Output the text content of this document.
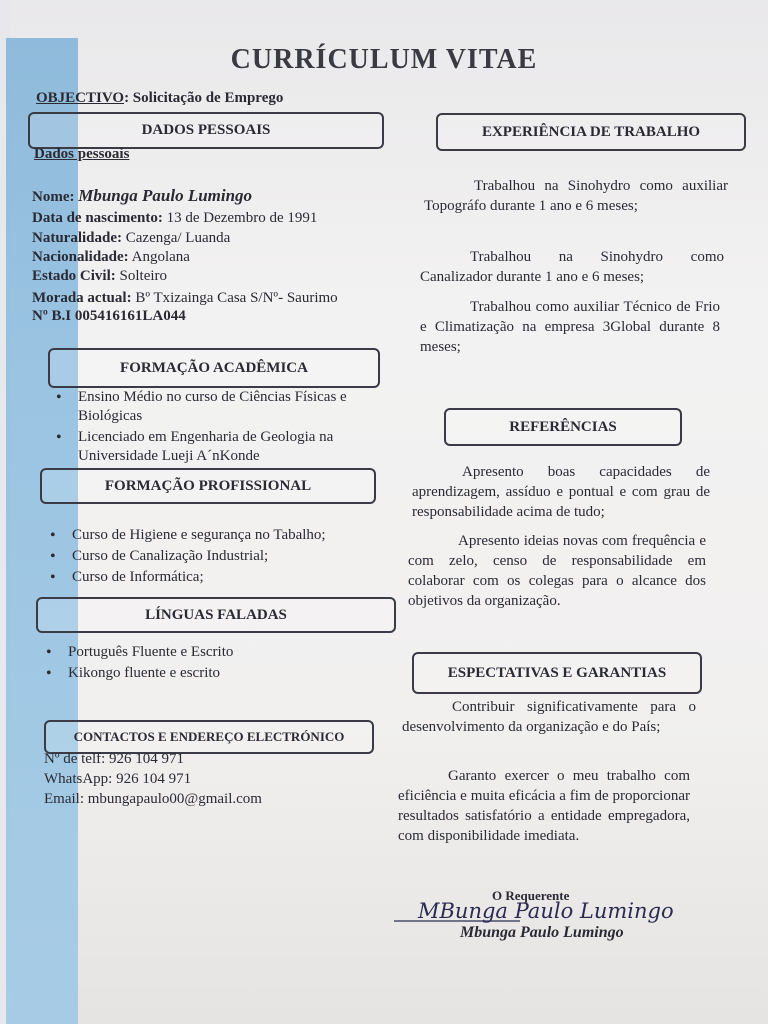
CURRÍCULUM VITAE
OBJECTIVO: Solicitação de Emprego
DADOS PESSOAIS
Dados pessoais
Nome: Mbunga Paulo Lumingo
Data de nascimento: 13 de Dezembro de 1991
Naturalidade: Cazenga/ Luanda
Nacionalidade: Angolana
Estado Civil: Solteiro
Morada actual: Bº Txizainga Casa S/Nº- Saurimo
Nº B.I 005416161LA044
FORMAÇÃO ACADÊMICA
• Ensino Médio no curso de Ciências Físicas e Biológicas
• Licenciado em Engenharia de Geologia na Universidade Lueji A´nKonde
FORMAÇÃO PROFISSIONAL
• Curso de Higiene e segurança no Tabalho;
• Curso de Canalização Industrial;
• Curso de Informática;
LÍNGUAS FALADAS
• Português Fluente e Escrito
• Kikongo fluente e escrito
CONTACTOS E ENDEREÇO ELECTRÓNICO
Nº de telf: 926 104 971
WhatsApp: 926 104 971
Email: mbungapaulo00@gmail.com
EXPERIÊNCIA DE TRABALHO
Trabalhou na Sinohydro como auxiliar Topográfo durante 1 ano e 6 meses;
Trabalhou na Sinohydro como Canalizador durante 1 ano e 6 meses;
Trabalhou como auxiliar Técnico de Frio e Climatização na empresa 3Global durante 8 meses;
REFERÊNCIAS
Apresento boas capacidades de aprendizagem, assíduo e pontual e com grau de responsabilidade acima de tudo;
Apresento ideias novas com frequência e com zelo, censo de responsabilidade em colaborar com os colegas para o alcance dos objetivos da organização.
ESPECTATIVAS E GARANTIAS
Contribuir significativamente para o desenvolvimento da organização e do País;
Garanto exercer o meu trabalho com eficiência e muita eficácia a fim de proporcionar resultados satisfatório a entidade empregadora, com disponibilidade imediata.
O Requerente
MBunga Paulo Lumingo
Mbunga Paulo Lumingo
